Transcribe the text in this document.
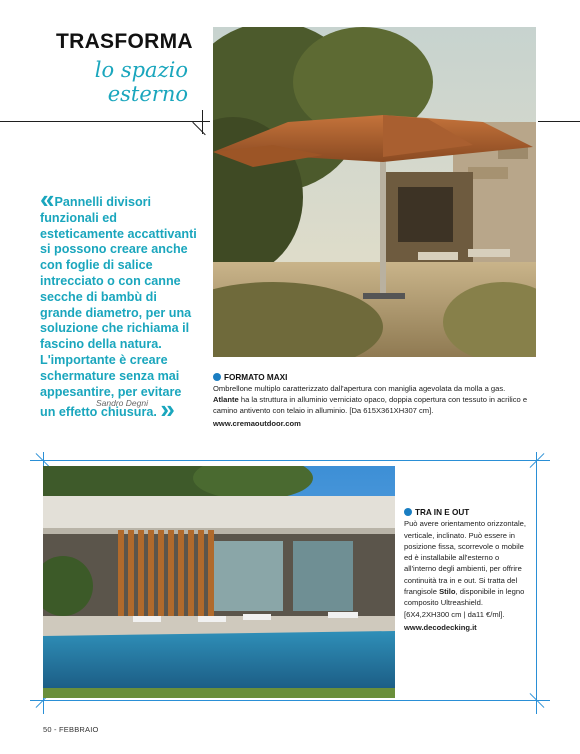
TRASFORMA
lo spazio
esterno
«Pannelli divisori funzionali ed esteticamente accattivanti si possono creare anche con foglie di salice intrecciato o con canne secche di bambù di grande diametro, per una soluzione che richiama il fascino della natura. L'importante è creare schermature senza mai appesantire, per evitare un effetto chiusura. »
Sandro Degni
FORMATO MAXI
Ombrellone multiplo caratterizzato dall'apertura con maniglia agevolata da molla a gas.
Atlante ha la struttura in alluminio verniciato opaco, doppia copertura con tessuto in acrilico e camino antivento con telaio in alluminio. [Da 615X361XH307 cm].
www.cremaoutdoor.com
TRA IN E OUT
Può avere orientamento orizzontale, verticale, inclinato. Può essere in posizione fissa, scorrevole o mobile ed è installabile all'esterno o all'interno degli ambienti, per offrire continuità tra in e out. Si tratta del frangisole Stilo, disponibile in legno composito Ultreashield. [6X4,2XH300 cm | da11 €/ml].
www.decodecking.it
50 - FEBBRAIO
